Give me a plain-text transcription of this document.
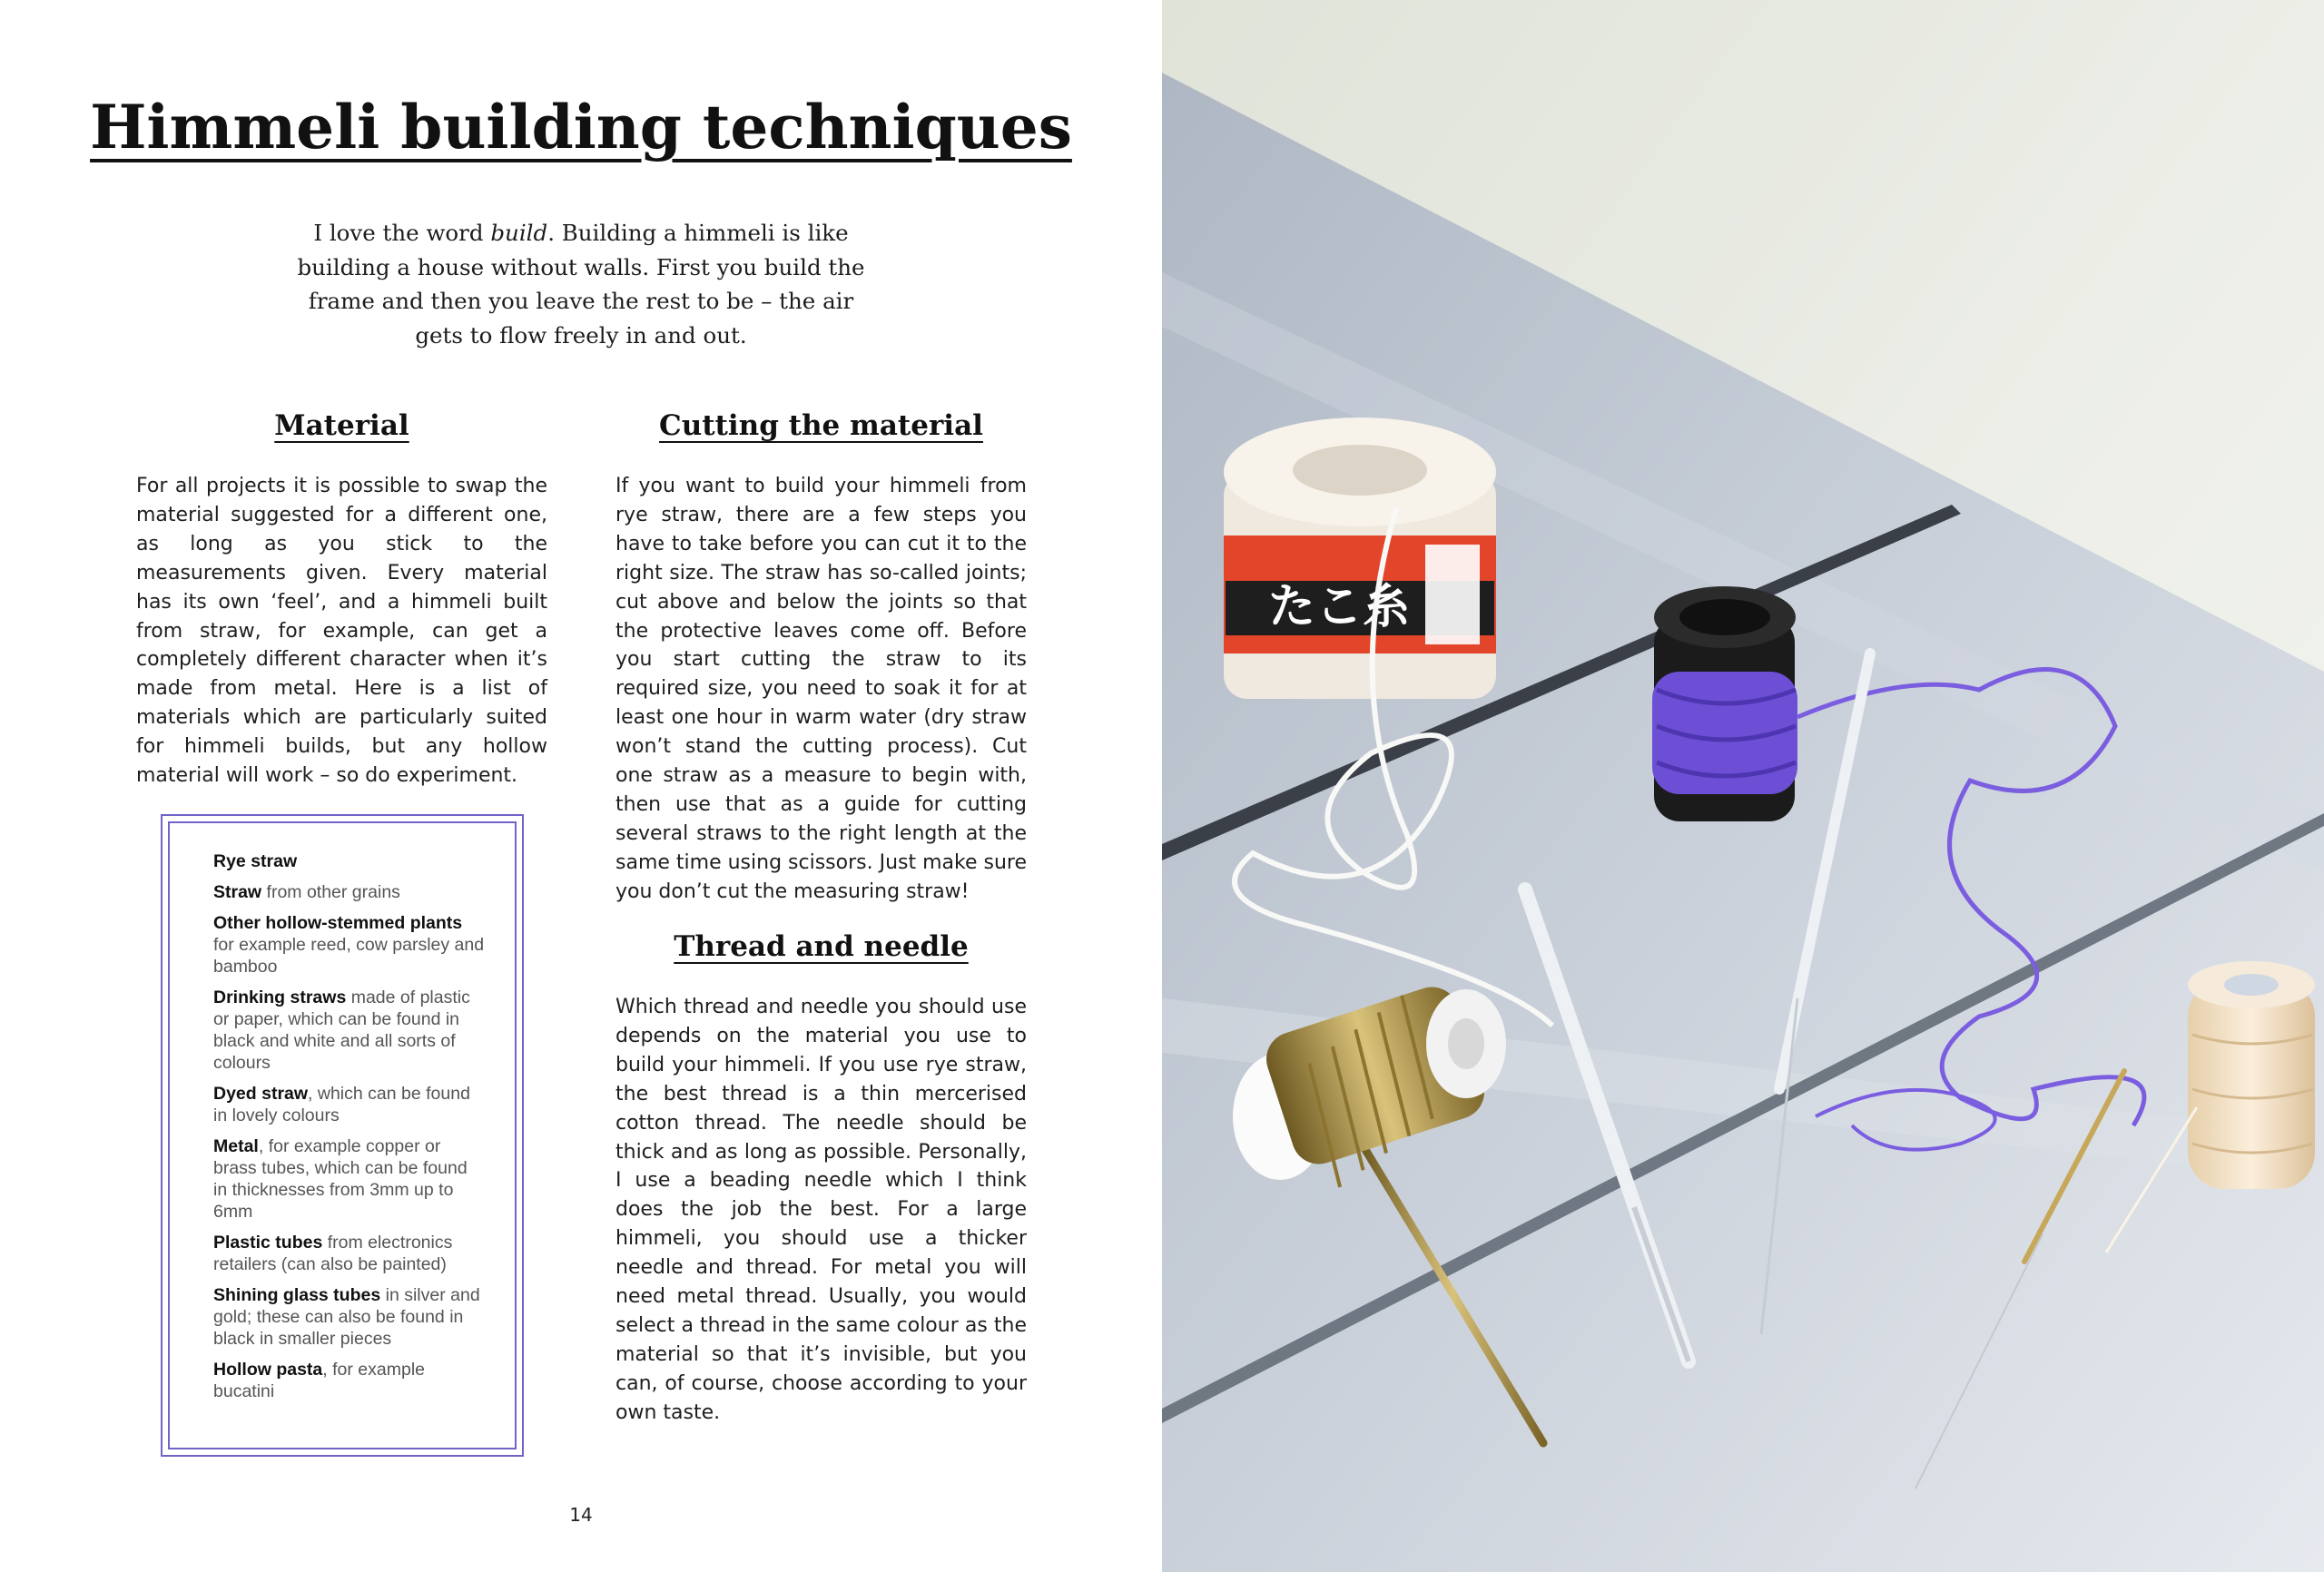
Himmeli building techniques

I love the word build. Building a himmeli is like building a house without walls. First you build the frame and then you leave the rest to be – the air gets to flow freely in and out.

Material

For all projects it is possible to swap the material suggested for a different one, as long as you stick to the measurements given. Every material has its own ‘feel’, and a himmeli built from straw, for example, can get a completely different character when it’s made from metal. Here is a list of materials which are particularly suited for himmeli builds, but any hollow material will work – so do experiment.

Cutting the material

If you want to build your himmeli from rye straw, there are a few steps you have to take before you can cut it to the right size. The straw has so-called joints; cut above and below the joints so that the protective leaves come off. Before you start cutting the straw to its required size, you need to soak it for at least one hour in warm water (dry straw won’t stand the cutting process). Cut one straw as a measure to begin with, then use that as a guide for cutting several straws to the right length at the same time using scissors. Just make sure you don’t cut the measuring straw!

Thread and needle

Which thread and needle you should use depends on the material you use to build your himmeli. If you use rye straw, the best thread is a thin mercerised cotton thread. The needle should be thick and as long as possible. Personally, I use a beading needle which I think does the job the best. For a large himmeli, you should use a thicker needle and thread. For metal you will need metal thread. Usually, you would select a thread in the same colour as the material so that it’s invisible, but you can, of course, choose according to your own taste.

Rye straw
Straw from other grains
Other hollow-stemmed plants for example reed, cow parsley and bamboo
Drinking straws made of plastic or paper, which can be found in black and white and all sorts of colours
Dyed straw, which can be found in lovely colours
Metal, for example copper or brass tubes, which can be found in thicknesses from 3mm up to 6mm
Plastic tubes from electronics retailers (can also be painted)
Shining glass tubes in silver and gold; these can also be found in black in smaller pieces
Hollow pasta, for example bucatini
14
たこ糸
